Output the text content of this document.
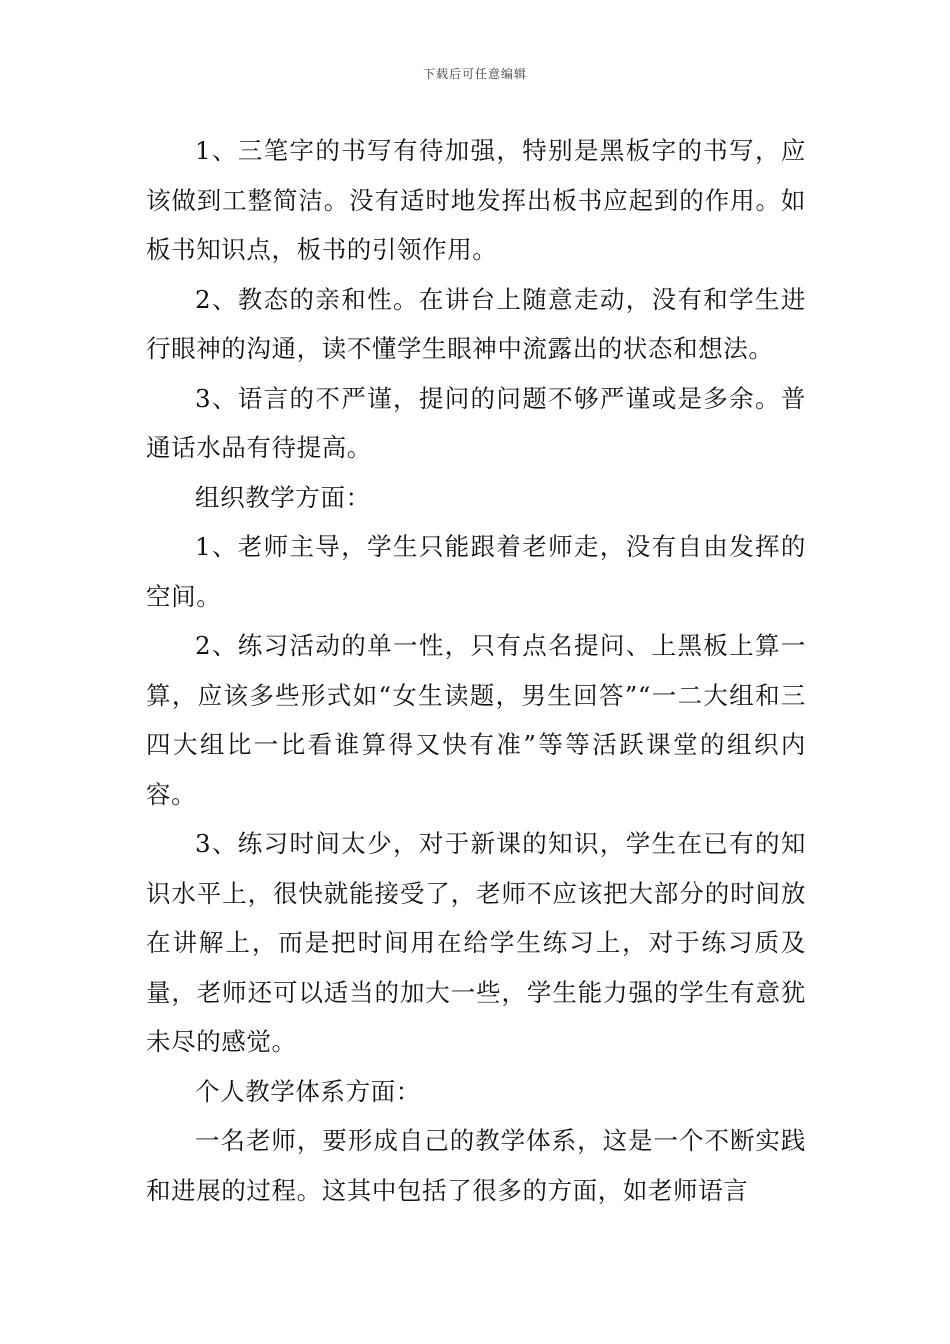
下载后可任意编辑

1、三笔字的书写有待加强，特别是黑板字的书写，应该做到工整简洁。没有适时地发挥出板书应起到的作用。如板书知识点，板书的引领作用。

2、教态的亲和性。在讲台上随意走动，没有和学生进行眼神的沟通，读不懂学生眼神中流露出的状态和想法。

3、语言的不严谨，提问的问题不够严谨或是多余。普通话水品有待提高。

组织教学方面：

1、老师主导，学生只能跟着老师走，没有自由发挥的空间。

2、练习活动的单一性，只有点名提问、上黑板上算一算，应该多些形式如“女生读题，男生回答”“一二大组和三四大组比一比看谁算得又快有准”等等活跃课堂的组织内容。

3、练习时间太少，对于新课的知识，学生在已有的知识水平上，很快就能接受了，老师不应该把大部分的时间放在讲解上，而是把时间用在给学生练习上，对于练习质及量，老师还可以适当的加大一些，学生能力强的学生有意犹未尽的感觉。

个人教学体系方面：

一名老师，要形成自己的教学体系，这是一个不断实践和进展的过程。这其中包括了很多的方面，如老师语言
